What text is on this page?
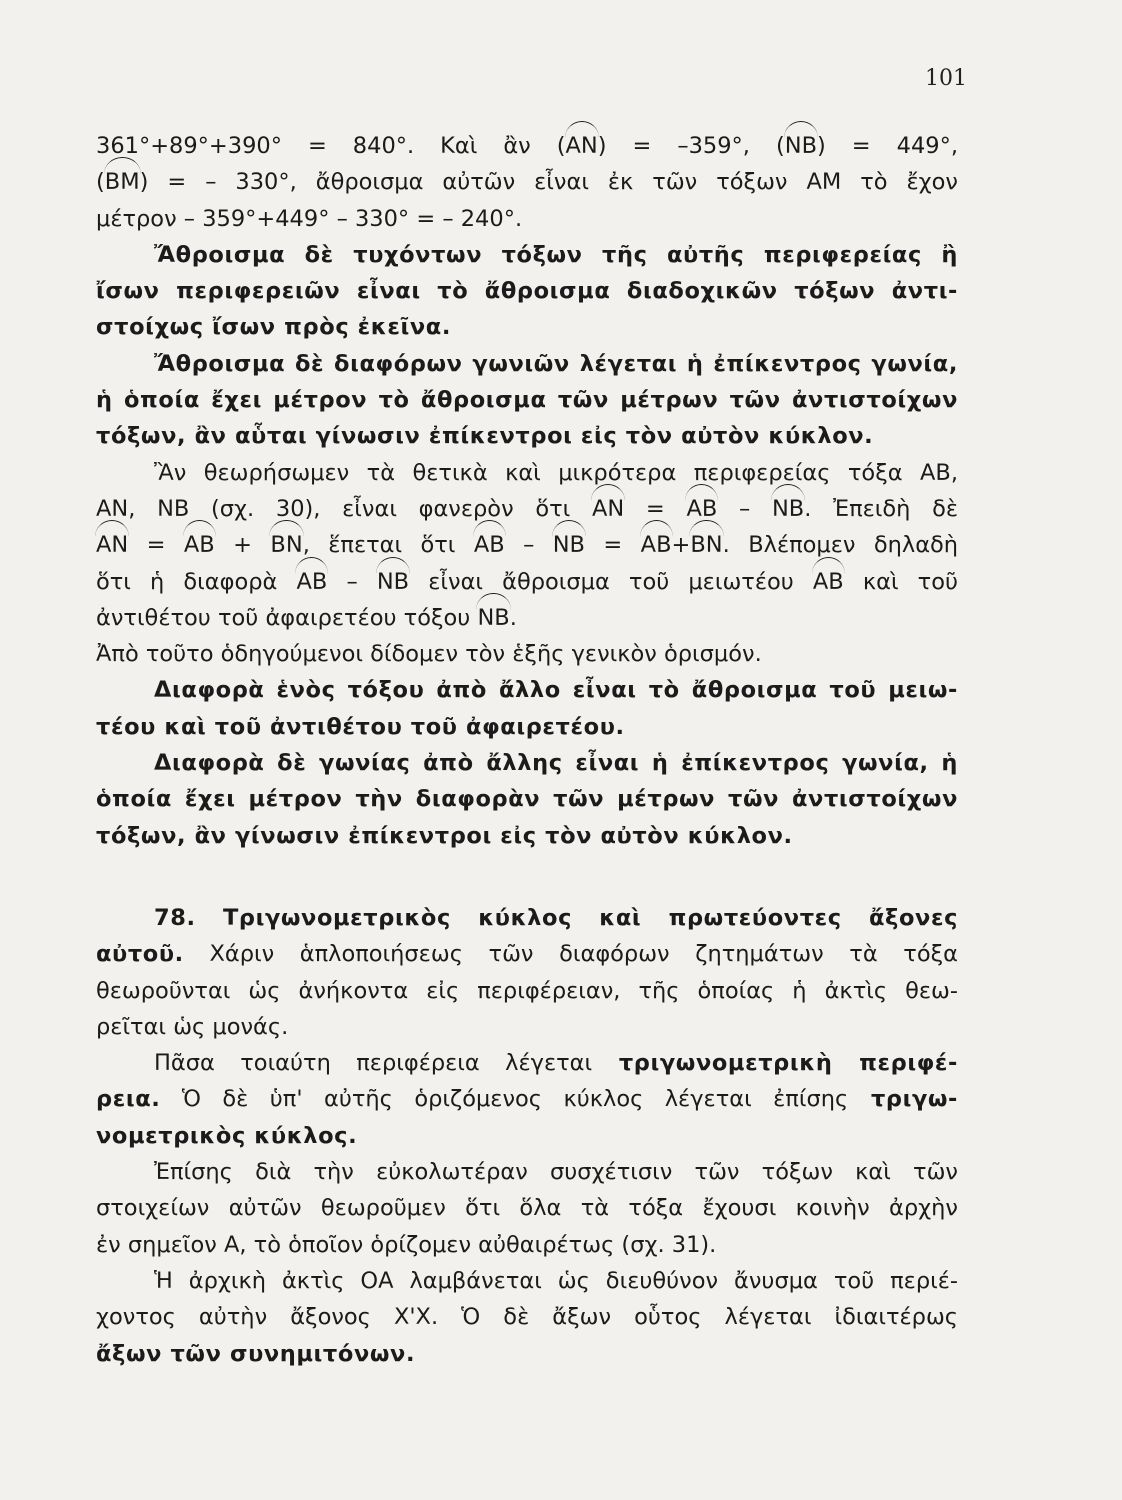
101
361°+89°+390° = 840°. Καὶ ἂν (ΑΝ) = –359°, (ΝΒ) = 449°,
(ΒΜ) = – 330°, ἄθροισμα αὐτῶν εἶναι ἐκ τῶν τόξων ΑΜ τὸ ἔχον
μέτρον – 359°+449° – 330° = – 240°.
Ἄθροισμα δὲ τυχόντων τόξων τῆς αὐτῆς περιφερείας ἢ
ἴσων περιφερειῶν εἶναι τὸ ἄθροισμα διαδοχικῶν τόξων ἀντι-
στοίχως ἴσων πρὸς ἐκεῖνα.
Ἄθροισμα δὲ διαφόρων γωνιῶν λέγεται ἡ ἐπίκεντρος γωνία,
ἡ ὁποία ἔχει μέτρον τὸ ἄθροισμα τῶν μέτρων τῶν ἀντιστοίχων
τόξων, ἂν αὗται γίνωσιν ἐπίκεντροι εἰς τὸν αὐτὸν κύκλον.
Ἂν θεωρήσωμεν τὰ θετικὰ καὶ μικρότερα περιφερείας τόξα ΑΒ,
ΑΝ, ΝΒ (σχ. 30), εἶναι φανερὸν ὅτι ΑΝ = ΑΒ – ΝΒ. Ἐπειδὴ δὲ
ΑΝ = ΑΒ + ΒΝ, ἕπεται ὅτι ΑΒ – ΝΒ = ΑΒ+ΒΝ. Βλέπομεν δηλαδὴ
ὅτι ἡ διαφορὰ ΑΒ – ΝΒ εἶναι ἄθροισμα τοῦ μειωτέου ΑΒ καὶ τοῦ
ἀντιθέτου τοῦ ἀφαιρετέου τόξου ΝΒ.
Ἀπὸ τοῦτο ὁδηγούμενοι δίδομεν τὸν ἑξῆς γενικὸν ὁρισμόν.
Διαφορὰ ἑνὸς τόξου ἀπὸ ἄλλο εἶναι τὸ ἄθροισμα τοῦ μειω-
τέου καὶ τοῦ ἀντιθέτου τοῦ ἀφαιρετέου.
Διαφορὰ δὲ γωνίας ἀπὸ ἄλλης εἶναι ἡ ἐπίκεντρος γωνία, ἡ
ὁποία ἔχει μέτρον τὴν διαφορὰν τῶν μέτρων τῶν ἀντιστοίχων
τόξων, ἂν γίνωσιν ἐπίκεντροι εἰς τὸν αὐτὸν κύκλον.
78. Τριγωνομετρικὸς κύκλος καὶ πρωτεύοντες ἄξονες
αὐτοῦ. Χάριν ἁπλοποιήσεως τῶν διαφόρων ζητημάτων τὰ τόξα
θεωροῦνται ὡς ἀνήκοντα εἰς περιφέρειαν, τῆς ὁποίας ἡ ἀκτὶς θεω-
ρεῖται ὡς μονάς.
Πᾶσα τοιαύτη περιφέρεια λέγεται τριγωνομετρικὴ περιφέ-
ρεια. Ὁ δὲ ὑπ' αὐτῆς ὁριζόμενος κύκλος λέγεται ἐπίσης τριγω-
νομετρικὸς κύκλος.
Ἐπίσης διὰ τὴν εὐκολωτέραν συσχέτισιν τῶν τόξων καὶ τῶν
στοιχείων αὐτῶν θεωροῦμεν ὅτι ὅλα τὰ τόξα ἔχουσι κοινὴν ἀρχὴν
ἐν σημεῖον Α, τὸ ὁποῖον ὁρίζομεν αὐθαιρέτως (σχ. 31).
Ἡ ἀρχικὴ ἀκτὶς ΟΑ λαμβάνεται ὡς διευθύνον ἄνυσμα τοῦ περιέ-
χοντος αὐτὴν ἄξονος Χ'Χ. Ὁ δὲ ἄξων οὗτος λέγεται ἰδιαιτέρως
ἄξων τῶν συνημιτόνων.
